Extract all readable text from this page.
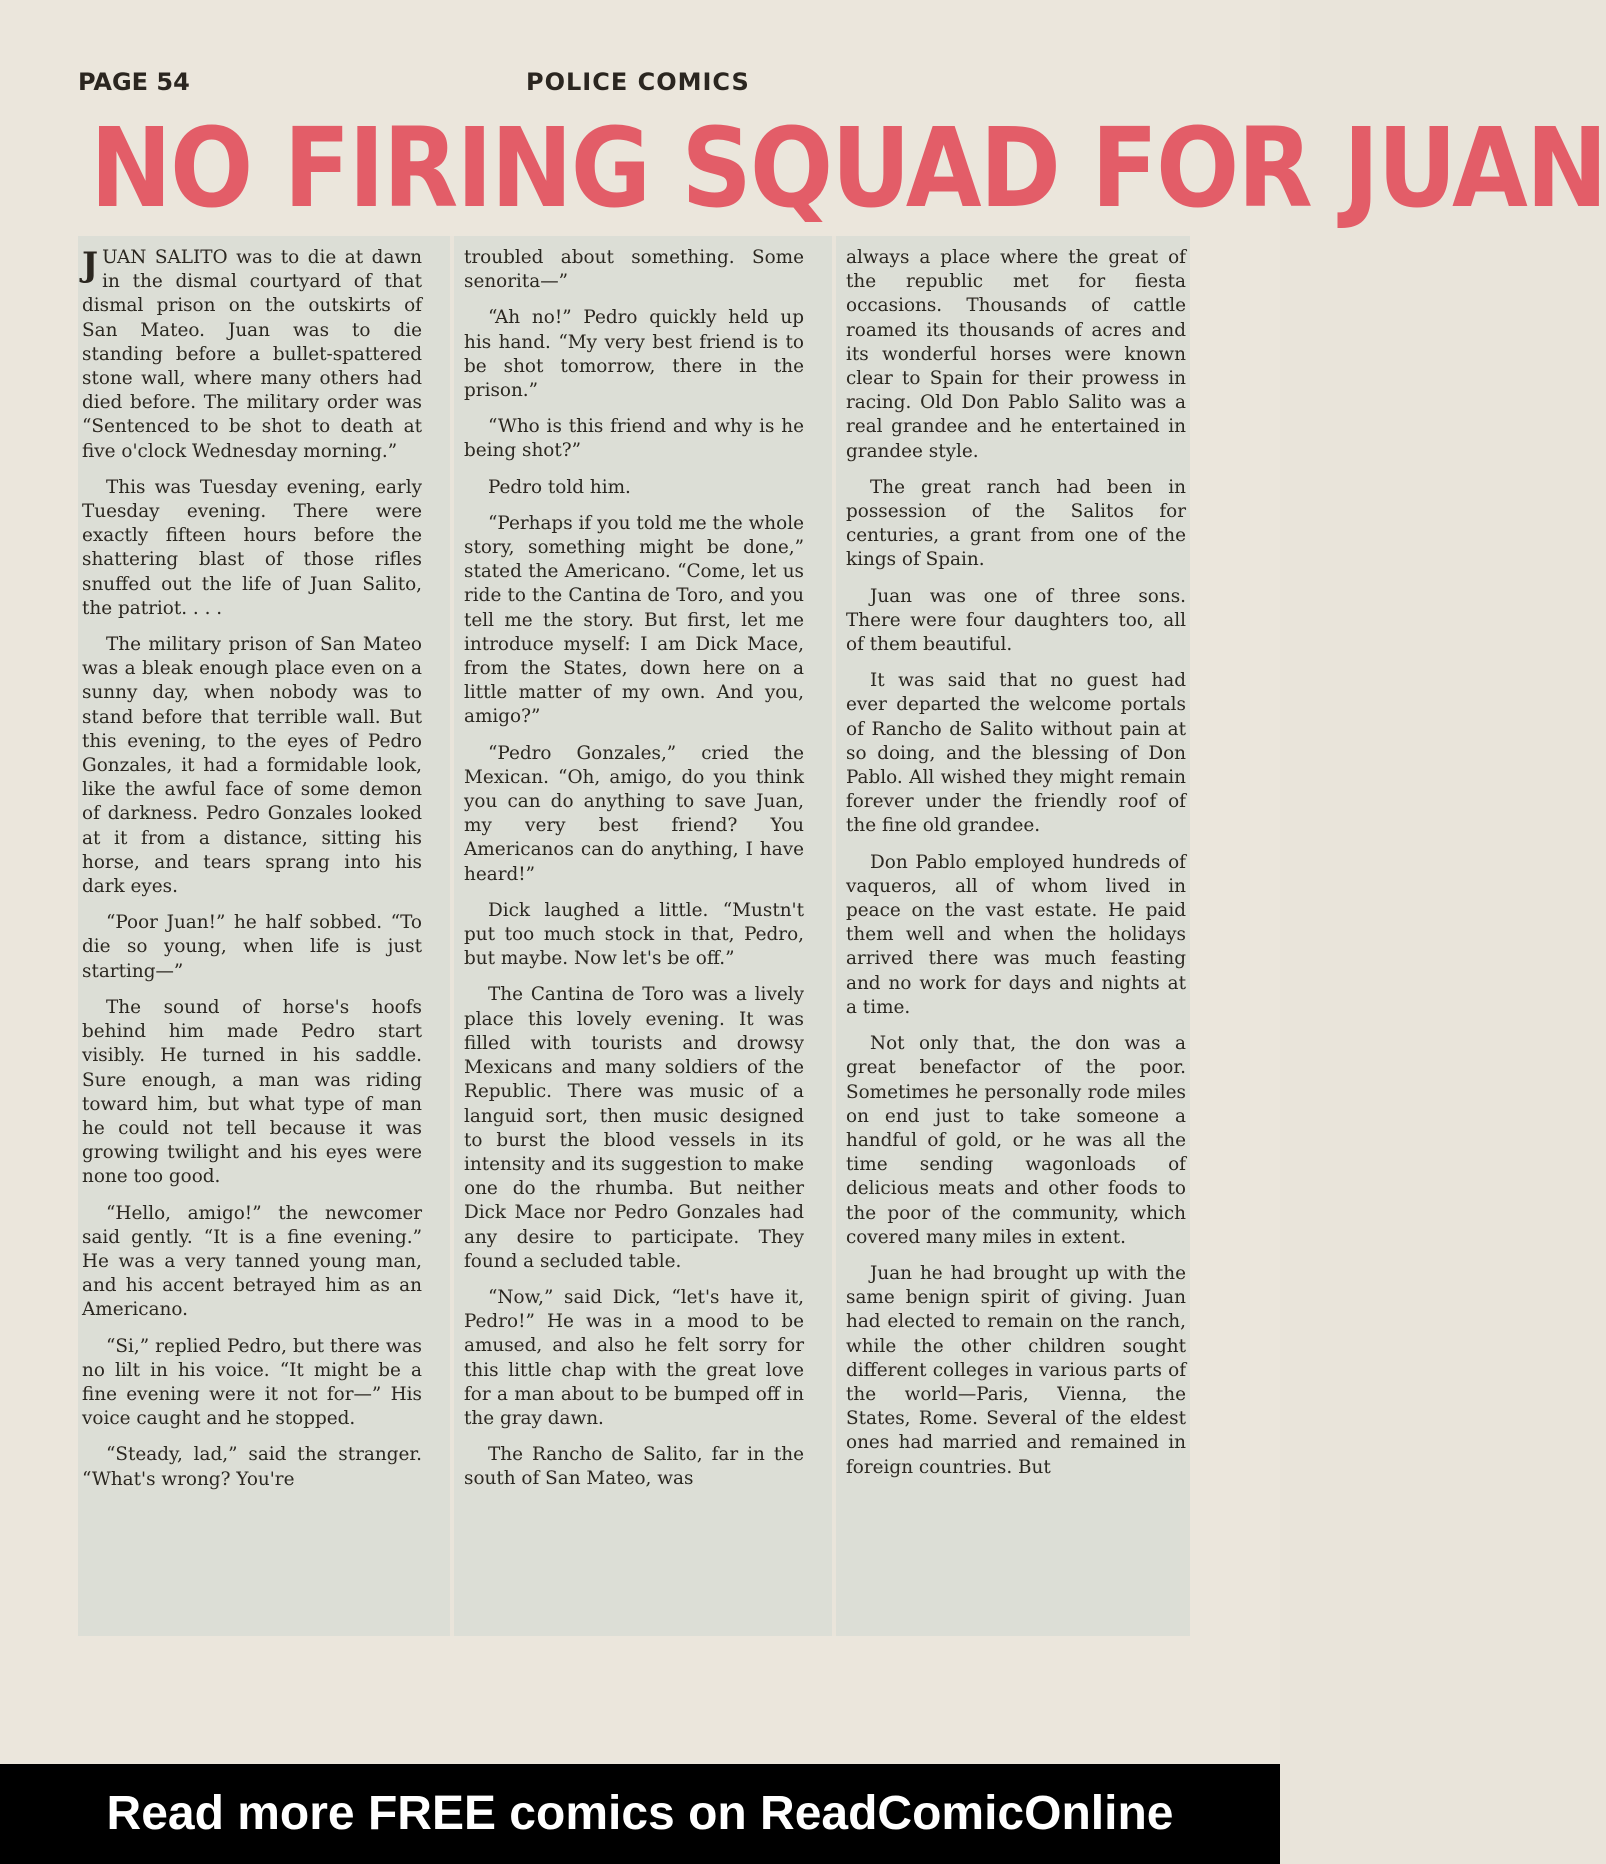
PAGE 54	POLICE COMICS
NO FIRING SQUAD FOR JUAN

JUAN SALITO was to die at dawn in the dismal courtyard of that dismal prison on the outskirts of San Mateo. Juan was to die standing before a bullet-spattered stone wall, where many others had died before. The military order was “Sentenced to be shot to death at five o'clock Wednesday morning.”

This was Tuesday evening, early Tuesday evening. There were exactly fifteen hours before the shattering blast of those rifles snuffed out the life of Juan Salito, the patriot. . . .

The military prison of San Mateo was a bleak enough place even on a sunny day, when nobody was to stand before that terrible wall. But this evening, to the eyes of Pedro Gonzales, it had a formidable look, like the awful face of some demon of darkness. Pedro Gonzales looked at it from a distance, sitting his horse, and tears sprang into his dark eyes.

“Poor Juan!” he half sobbed. “To die so young, when life is just starting—”

The sound of horse's hoofs behind him made Pedro start visibly. He turned in his saddle. Sure enough, a man was riding toward him, but what type of man he could not tell because it was growing twilight and his eyes were none too good.

“Hello, amigo!” the newcomer said gently. “It is a fine evening.” He was a very tanned young man, and his accent betrayed him as an Americano.

“Si,” replied Pedro, but there was no lilt in his voice. “It might be a fine evening were it not for—” His voice caught and he stopped.

“Steady, lad,” said the stranger. “What's wrong? You're

troubled about something. Some senorita—”

“Ah no!” Pedro quickly held up his hand. “My very best friend is to be shot tomorrow, there in the prison.”

“Who is this friend and why is he being shot?”

Pedro told him.

“Perhaps if you told me the whole story, something might be done,” stated the Americano. “Come, let us ride to the Cantina de Toro, and you tell me the story. But first, let me introduce myself: I am Dick Mace, from the States, down here on a little matter of my own. And you, amigo?”

“Pedro Gonzales,” cried the Mexican. “Oh, amigo, do you think you can do anything to save Juan, my very best friend? You Americanos can do anything, I have heard!”

Dick laughed a little. “Mustn't put too much stock in that, Pedro, but maybe. Now let's be off.”

The Cantina de Toro was a lively place this lovely evening. It was filled with tourists and drowsy Mexicans and many soldiers of the Republic. There was music of a languid sort, then music designed to burst the blood vessels in its intensity and its suggestion to make one do the rhumba. But neither Dick Mace nor Pedro Gonzales had any desire to participate. They found a secluded table.

“Now,” said Dick, “let's have it, Pedro!” He was in a mood to be amused, and also he felt sorry for this little chap with the great love for a man about to be bumped off in the gray dawn.

The Rancho de Salito, far in the south of San Mateo, was

always a place where the great of the republic met for fiesta occasions. Thousands of cattle roamed its thousands of acres and its wonderful horses were known clear to Spain for their prowess in racing. Old Don Pablo Salito was a real grandee and he entertained in grandee style.

The great ranch had been in possession of the Salitos for centuries, a grant from one of the kings of Spain.

Juan was one of three sons. There were four daughters too, all of them beautiful.

It was said that no guest had ever departed the welcome portals of Rancho de Salito without pain at so doing, and the blessing of Don Pablo. All wished they might remain forever under the friendly roof of the fine old grandee.

Don Pablo employed hundreds of vaqueros, all of whom lived in peace on the vast estate. He paid them well and when the holidays arrived there was much feasting and no work for days and nights at a time.

Not only that, the don was a great benefactor of the poor. Sometimes he personally rode miles on end just to take someone a handful of gold, or he was all the time sending wagonloads of delicious meats and other foods to the poor of the community, which covered many miles in extent.

Juan he had brought up with the same benign spirit of giving. Juan had elected to remain on the ranch, while the other children sought different colleges in various parts of the world—Paris, Vienna, the States, Rome. Several of the eldest ones had married and remained in foreign countries. But

Read more FREE comics on ReadComicOnline
